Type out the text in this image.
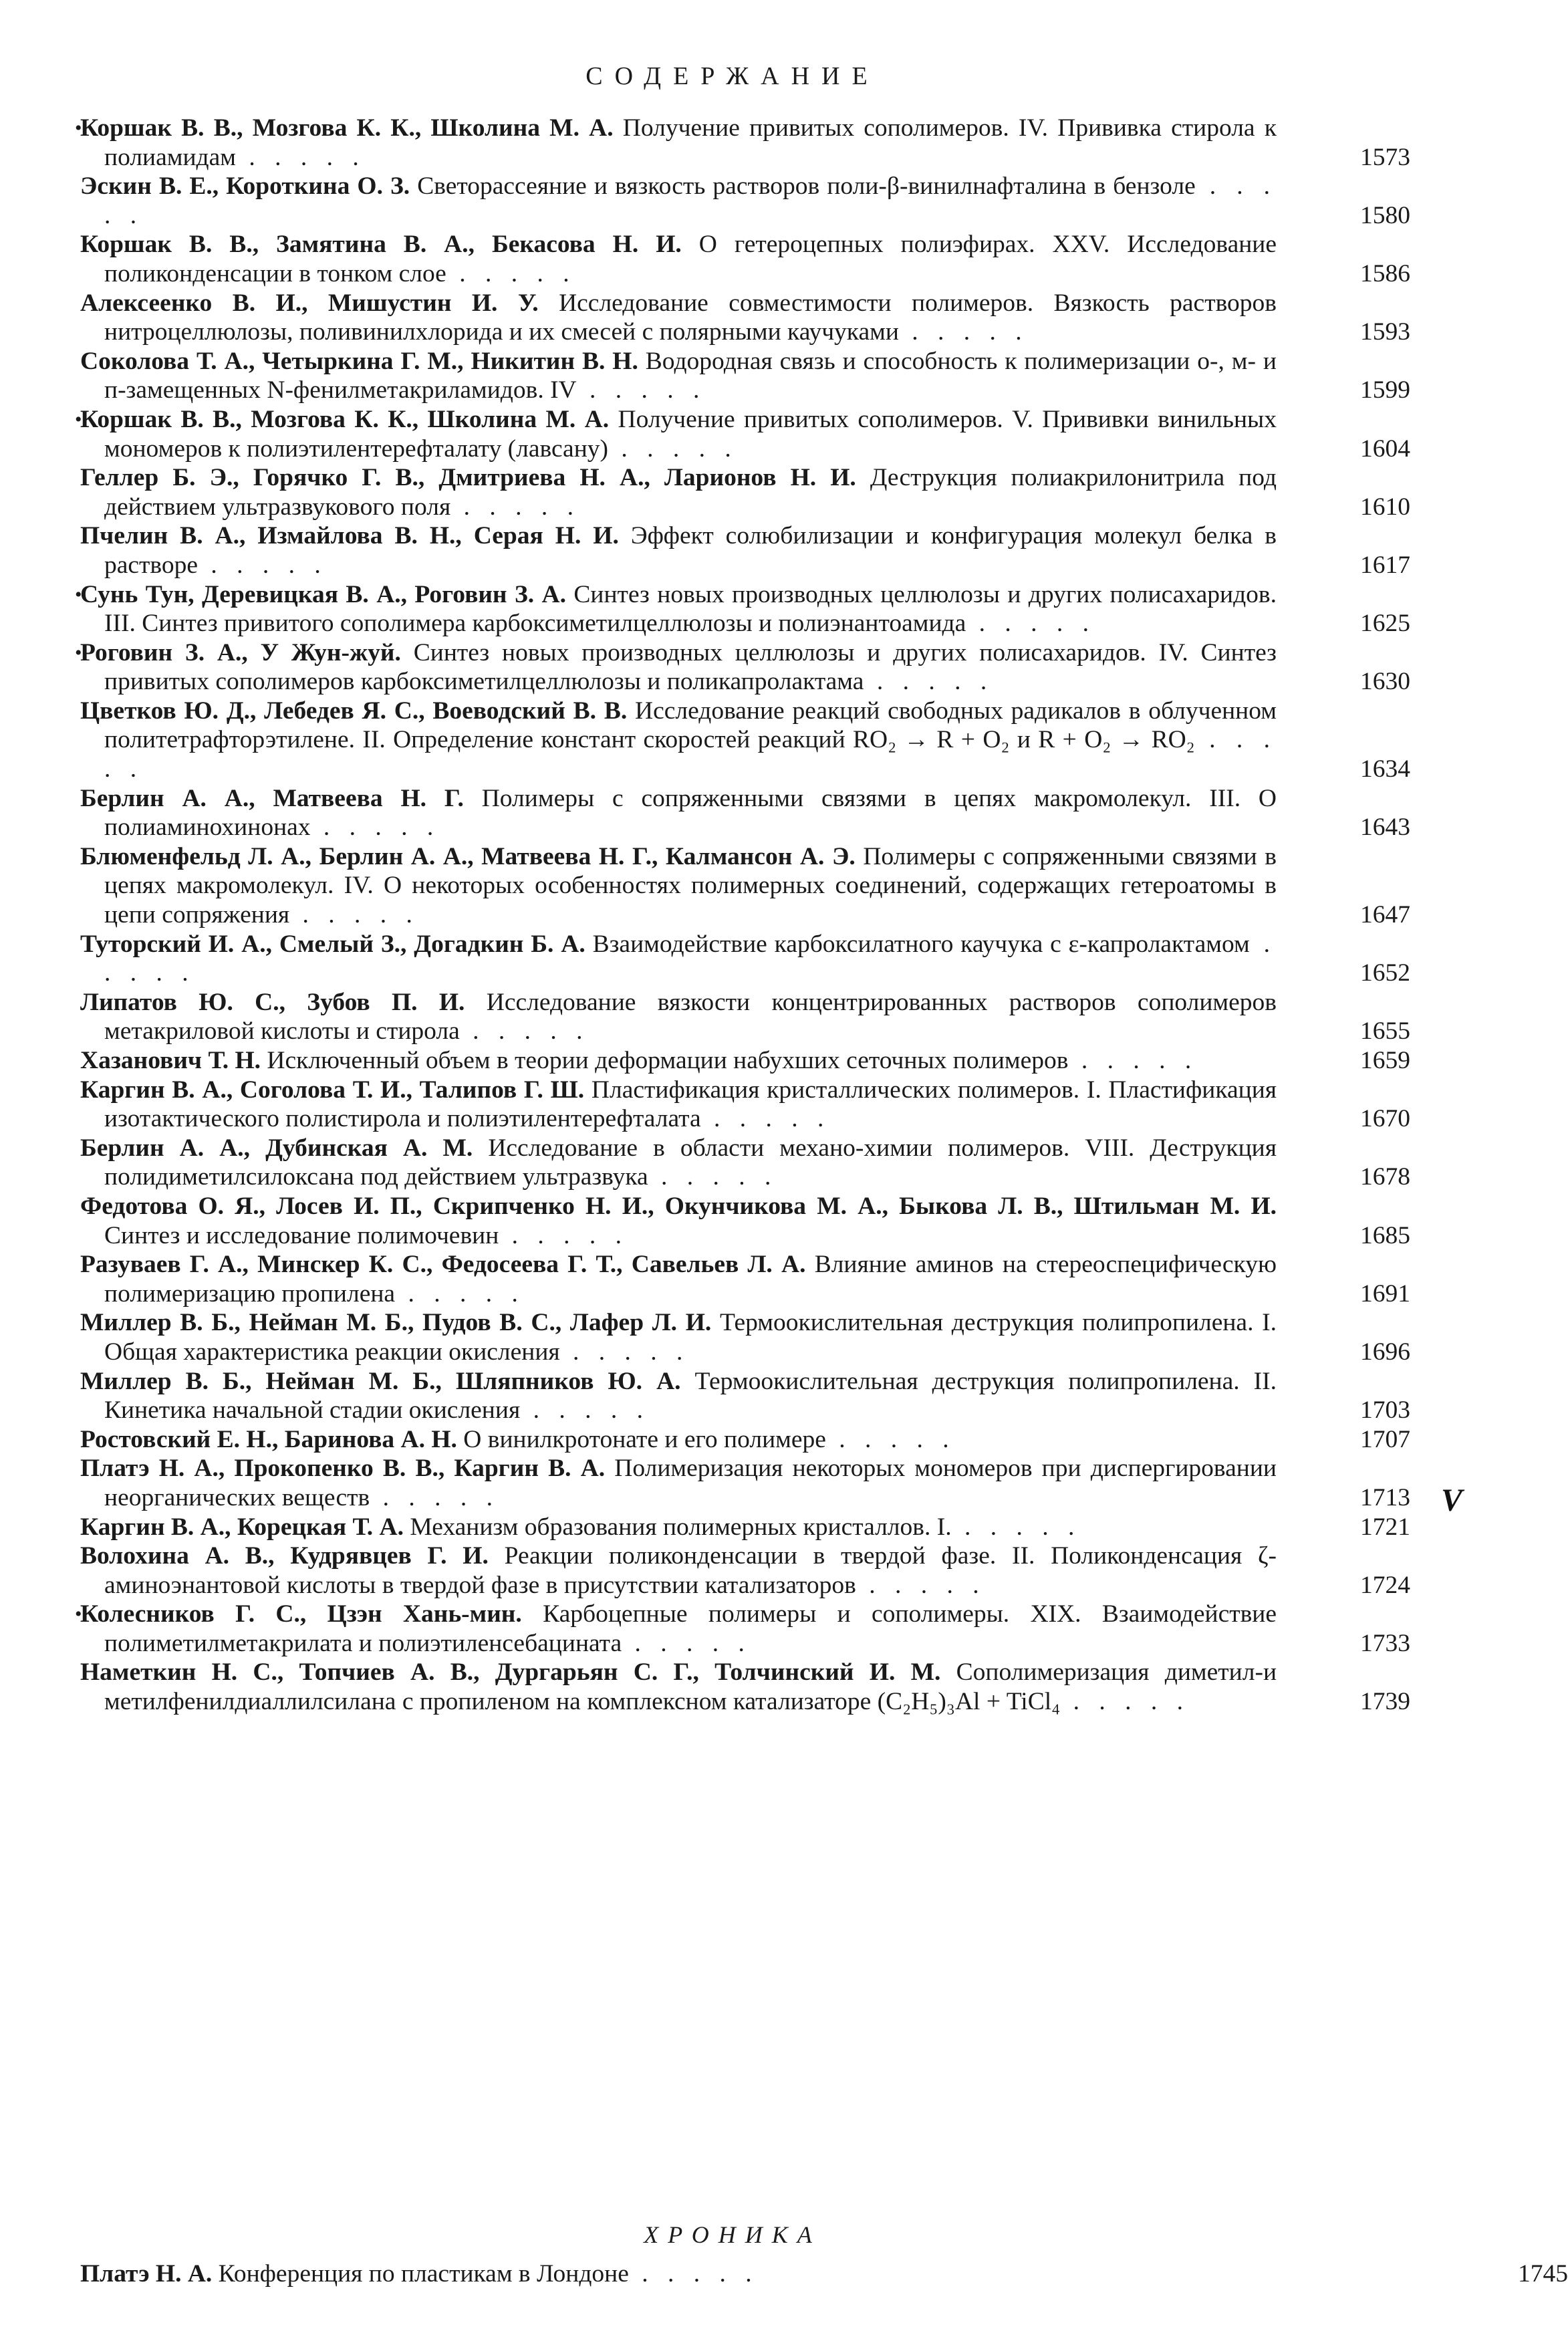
СОДЕРЖАНИЕ
•
Коршак В. В., Мозгова К. К., Школина М. А. Получение привитых сополимеров. IV. Прививка стирола к полиамидам . . . . .	1573
Эскин В. Е., Короткина О. З. Светорассеяние и вязкость растворов поли-β-винилнафталина в бензоле . . . . .	1580
Коршак В. В., Замятина В. А., Бекасова Н. И. О гетероцепных полиэфирах. XXV. Исследование поликонденсации в тонком слое . . . . .	1586
Алексеенко В. И., Мишустин И. У. Исследование совместимости полимеров. Вязкость растворов нитроцеллюлозы, поливинилхлорида и их смесей с полярными каучуками . . . . .	1593
Соколова Т. А., Четыркина Г. М., Никитин В. Н. Водородная связь и способность к полимеризации о-, м- и п-замещенных N-фенилметакриламидов. IV . . . . .	1599
•
Коршак В. В., Мозгова К. К., Школина М. А. Получение привитых сополимеров. V. Прививки винильных мономеров к полиэтилентерефталату (лавсану) . . . . .	1604
Геллер Б. Э., Горячко Г. В., Дмитриева Н. А., Ларионов Н. И. Деструкция полиакрилонитрила под действием ультразвукового поля . . . . .	1610
Пчелин В. А., Измайлова В. Н., Серая Н. И. Эффект солюбилизации и конфигурация молекул белка в растворе . . . . .	1617
•
Сунь Тун, Деревицкая В. А., Роговин З. А. Синтез новых производных целлюлозы и других полисахаридов. III. Синтез привитого сополимера карбоксиметилцеллюлозы и полиэнантоамида . . . . .	1625
•
Роговин З. А., У Жун-жуй. Синтез новых производных целлюлозы и других полисахаридов. IV. Синтез привитых сополимеров карбоксиметилцеллюлозы и поликапролактама . . . . .	1630
Цветков Ю. Д., Лебедев Я. С., Воеводский В. В. Исследование реакций свободных радикалов в облученном политетрафторэтилене. II. Определение констант скоростей реакций RO₂ → R + O₂ и R + O₂ → RO₂ . . . . .	1634
Берлин А. А., Матвеева Н. Г. Полимеры с сопряженными связями в цепях макромолекул. III. О полиаминохинонах . . . . .	1643
Блюменфельд Л. А., Берлин А. А., Матвеева Н. Г., Калмансон А. Э. Полимеры с сопряженными связями в цепях макромолекул. IV. О некоторых особенностях полимерных соединений, содержащих гетероатомы в цепи сопряжения . . . . .	1647
Туторский И. А., Смелый З., Догадкин Б. А. Взаимодействие карбоксилатного каучука с ε-капролактамом . . . . .	1652
Липатов Ю. С., Зубов П. И. Исследование вязкости концентрированных растворов сополимеров метакриловой кислоты и стирола . . . . .	1655
Хазанович Т. Н. Исключенный объем в теории деформации набухших сеточных полимеров . . . . .	1659
Каргин В. А., Соголова Т. И., Талипов Г. Ш. Пластификация кристаллических полимеров. I. Пластификация изотактического полистирола и полиэтилентерефталата . . . . .	1670
Берлин А. А., Дубинская А. М. Исследование в области механо-химии полимеров. VIII. Деструкция полидиметилсилоксана под действием ультразвука . . . . .	1678
Федотова О. Я., Лосев И. П., Скрипченко Н. И., Окунчикова М. А., Быкова Л. В., Штильман М. И. Синтез и исследование полимочевин . . . . .	1685
Разуваев Г. А., Минскер К. С., Федосеева Г. Т., Савельев Л. А. Влияние аминов на стереоспецифическую полимеризацию пропилена . . . . .	1691
Миллер В. Б., Нейман М. Б., Пудов В. С., Лафер Л. И. Термоокислительная деструкция полипропилена. I. Общая характеристика реакции окисления . . . . .	1696
Миллер В. Б., Нейман М. Б., Шляпников Ю. А. Термоокислительная деструкция полипропилена. II. Кинетика начальной стадии окисления . . . . .	1703
Ростовский Е. Н., Баринова А. Н. О винилкротонате и его полимере . . . . .	1707
Платэ Н. А., Прокопенко В. В., Каргин В. А. Полимеризация некоторых мономеров при диспергировании неорганических веществ . . . . .	1713 V
Каргин В. А., Корецкая Т. А. Механизм образования полимерных кристаллов. I. . . . . .	1721
Волохина А. В., Кудрявцев Г. И. Реакции поликонденсации в твердой фазе. II. Поликонденсация ζ-аминоэнантовой кислоты в твердой фазе в присутствии катализаторов . . . . .	1724
•
Колесников Г. С., Цзэн Хань-мин. Карбоцепные полимеры и сополимеры. XIX. Взаимодействие полиметилметакрилата и полиэтиленсебацината . . . . .	1733
Наметкин Н. С., Топчиев А. В., Дургарьян С. Г., Толчинский И. М. Сополимеризация диметил-и метилфенилдиаллилсилана с пропиленом на комплексном катализаторе (C₂H₅)₃Al + TiCl₄ . . . . .	1739
ХРОНИКА
Платэ Н. А. Конференция по пластикам в Лондоне . . . . .	1745
